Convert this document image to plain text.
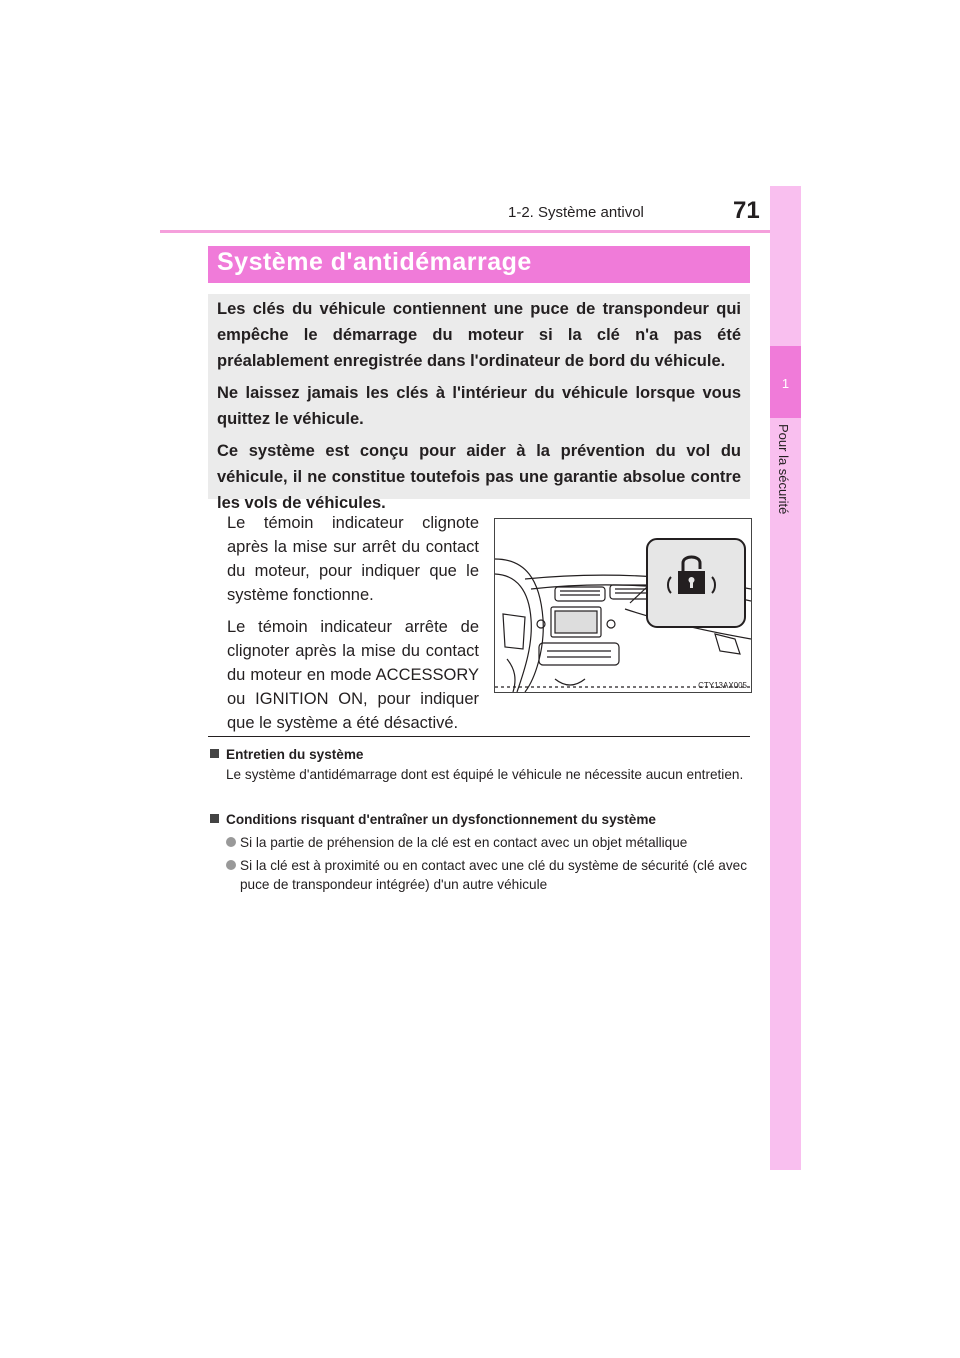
1-2. Système antivol	71
1
Pour la sécurité
Système d'antidémarrage

Les clés du véhicule contiennent une puce de transpondeur qui empêche le démarrage du moteur si la clé n'a pas été préalablement enregistrée dans l'ordinateur de bord du véhicule.

Ne laissez jamais les clés à l'intérieur du véhicule lorsque vous quittez le véhicule.

Ce système est conçu pour aider à la prévention du vol du véhicule, il ne constitue toutefois pas une garantie absolue contre les vols de véhicules.

Le témoin indicateur clignote après la mise sur arrêt du contact du moteur, pour indiquer que le système fonctionne.

Le témoin indicateur arrête de clignoter après la mise du contact du moteur en mode ACCESSORY ou IGNITION ON, pour indiquer que le système a été désactivé.

CTY13AX005
Entretien du système
Le système d'antidémarrage dont est équipé le véhicule ne nécessite aucun entretien.
Conditions risquant d'entraîner un dysfonctionnement du système
Si la partie de préhension de la clé est en contact avec un objet métallique
Si la clé est à proximité ou en contact avec une clé du système de sécurité (clé avec puce de transpondeur intégrée) d'un autre véhicule
